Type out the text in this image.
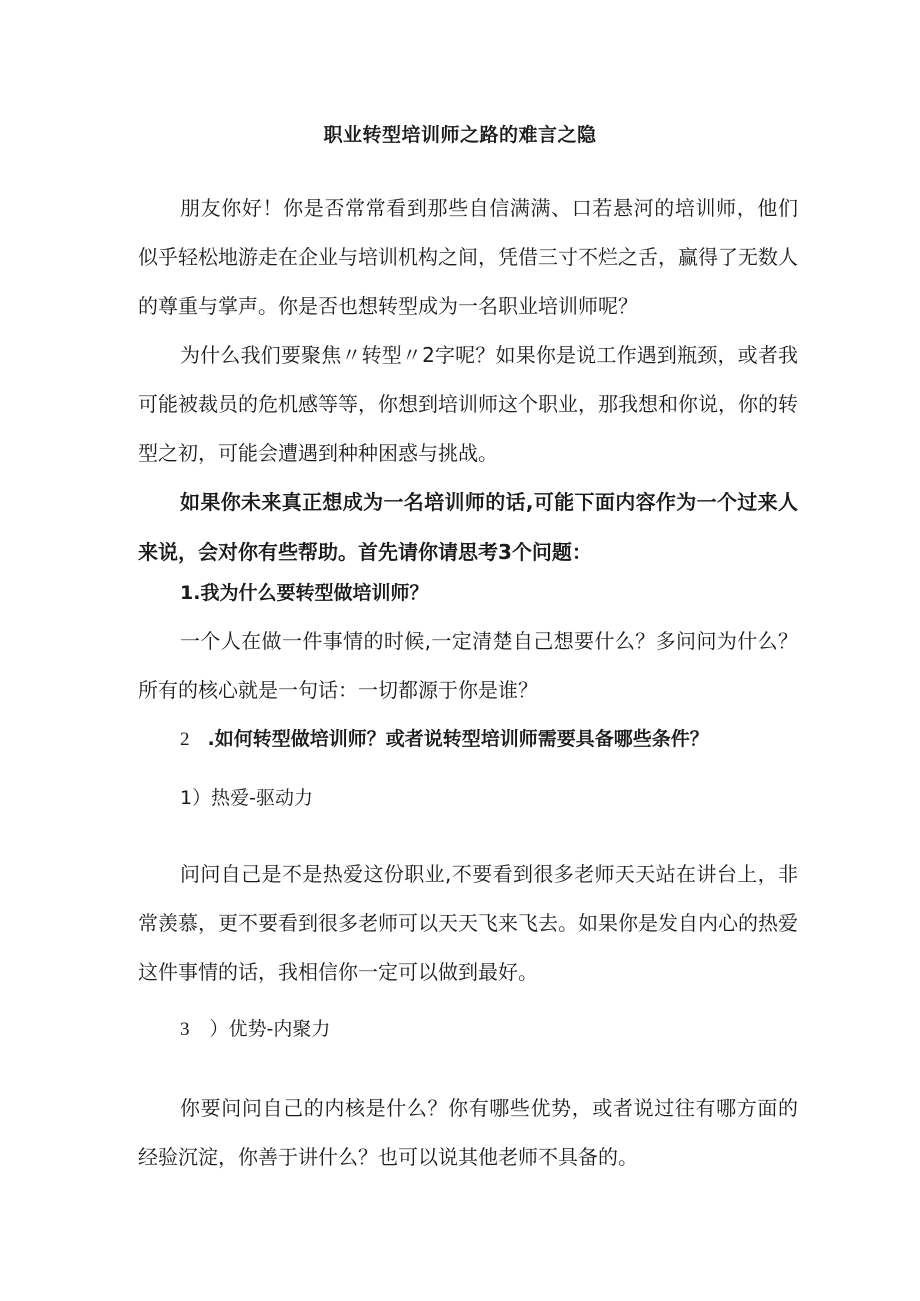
职业转型培训师之路的难言之隐

朋友你好！你是否常常看到那些自信满满、口若悬河的培训师，他们似乎轻松地游走在企业与培训机构之间，凭借三寸不烂之舌，赢得了无数人的尊重与掌声。你是否也想转型成为一名职业培训师呢？

为什么我们要聚焦〃转型〃2字呢？如果你是说工作遇到瓶颈，或者我可能被裁员的危机感等等，你想到培训师这个职业，那我想和你说，你的转型之初，可能会遭遇到种种困惑与挑战。

如果你未来真正想成为一名培训师的话,可能下面内容作为一个过来人来说，会对你有些帮助。首先请你请思考3个问题：

1.我为什么要转型做培训师？

一个人在做一件事情的时候,一定清楚自己想要什么？多问问为什么？所有的核心就是一句话：一切都源于你是谁？

2 .如何转型做培训师？或者说转型培训师需要具备哪些条件？

1）热爱-驱动力

问问自己是不是热爱这份职业,不要看到很多老师天天站在讲台上，非常羡慕，更不要看到很多老师可以天天飞来飞去。如果你是发自内心的热爱这件事情的话，我相信你一定可以做到最好。

3 ）优势-内聚力

你要问问自己的内核是什么？你有哪些优势，或者说过往有哪方面的经验沉淀，你善于讲什么？也可以说其他老师不具备的。
